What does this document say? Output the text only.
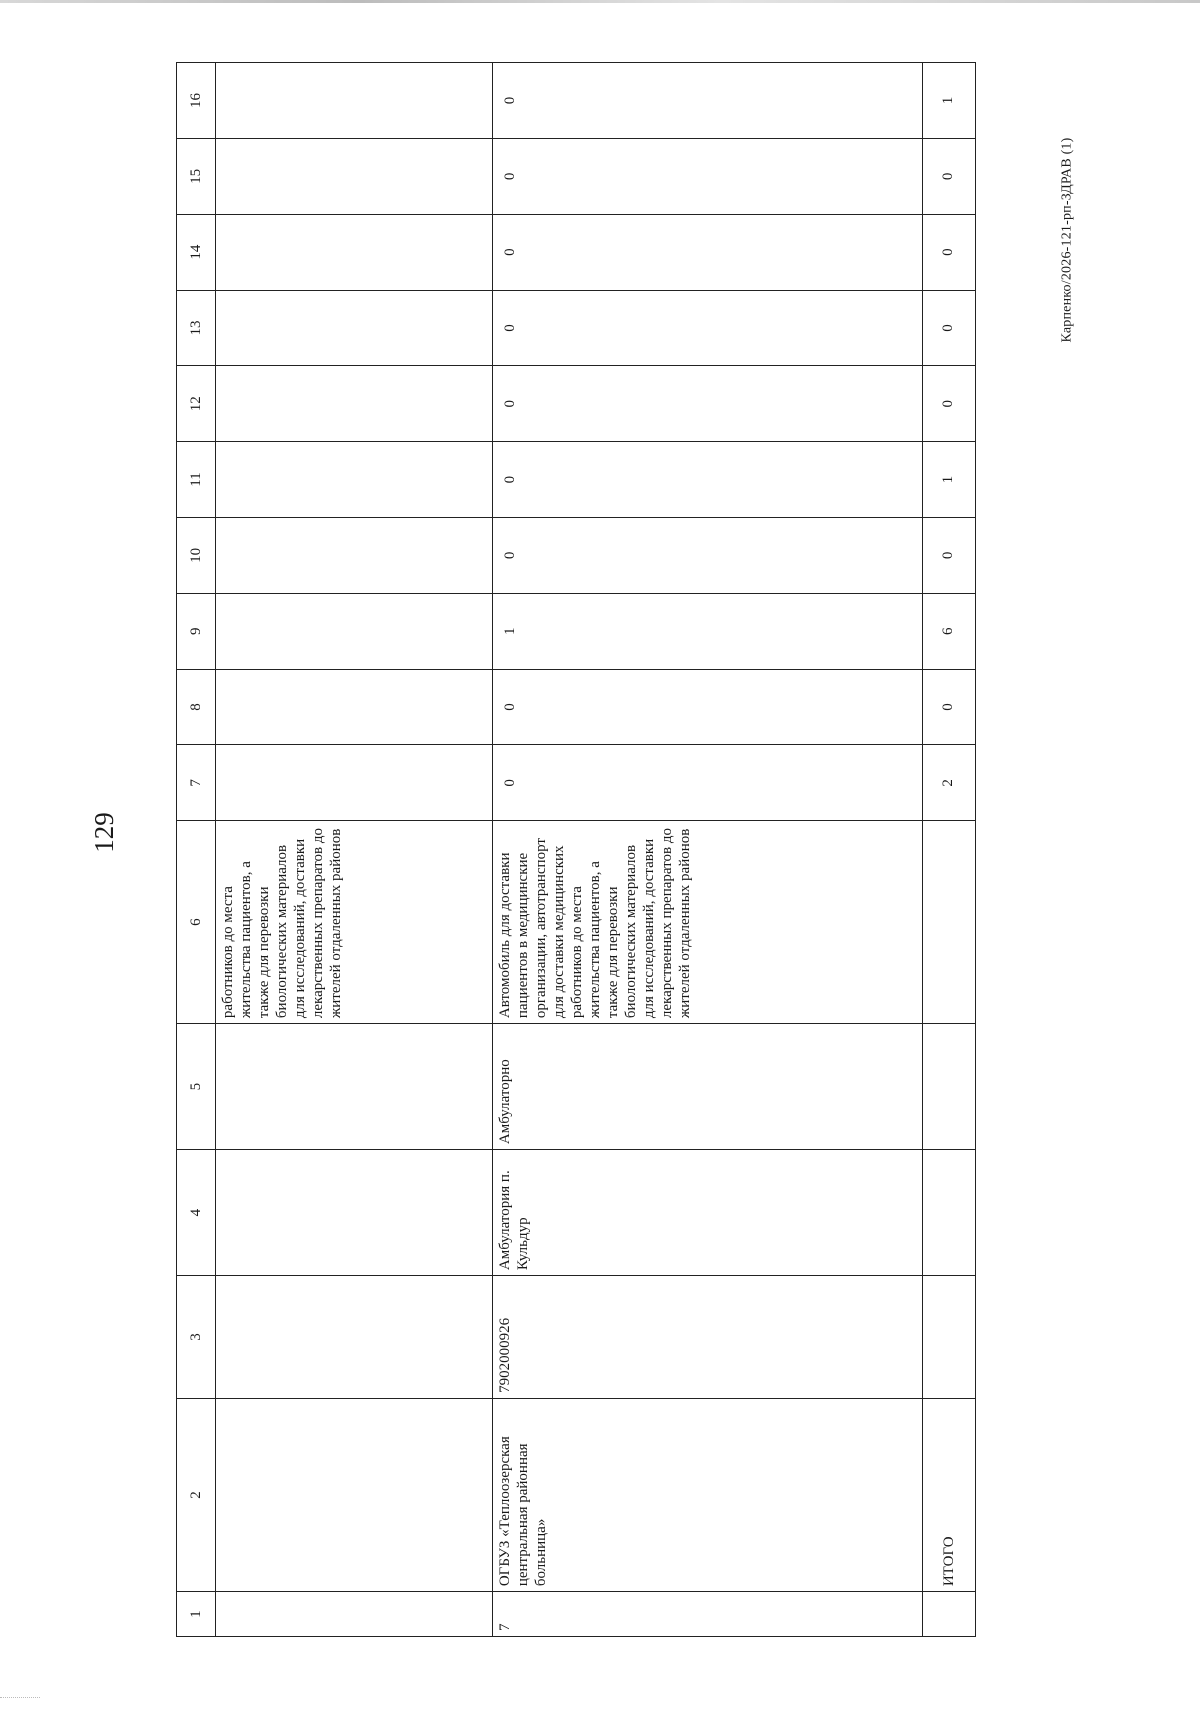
129
Карпенко/2026-121-рп-ЗДРАВ (1)
1	2	3	4	5	6	7	8	9	10	11	12	13	14	15	16

					работников до места жительства пациентов, а также для перевозки биологических материалов для исследований, доставки лекарственных препаратов до жителей отдаленных районов										

7	ОГБУЗ «Теплоозерская центральная районная больница»	7902000926	Амбулатория п. Кульдур	Амбулаторно	Автомобиль для доставки пациентов в медицинские организации, автотранспорт для доставки медицинских работников до места жительства пациентов, а также для перевозки биологических материалов для исследований, доставки лекарственных препаратов до жителей отдаленных районов	0	0	1	0	0	0	0	0	0	0
	ИТОГО					2	0	6	0	1	0	0	0	0	1
